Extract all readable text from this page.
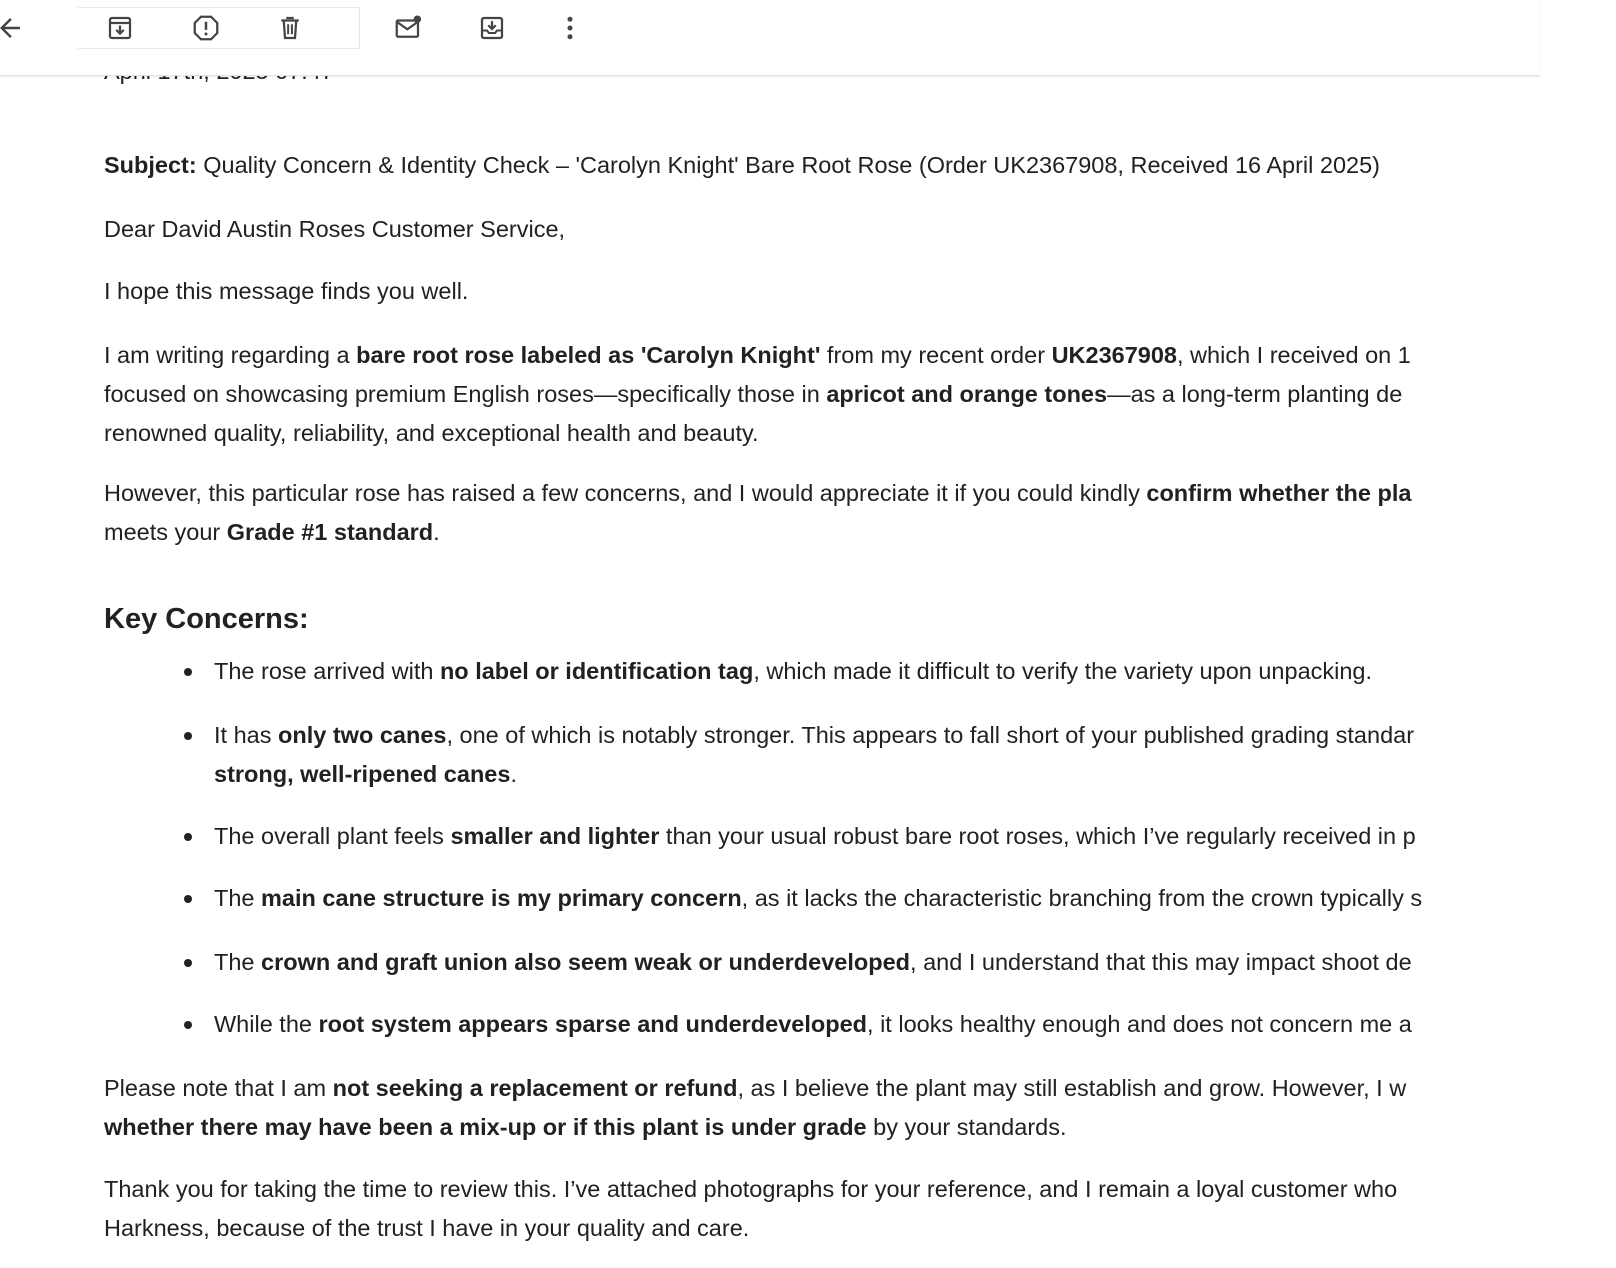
Subject: Quality Concern & Identity Check – 'Carolyn Knight' Bare Root Rose (Order UK2367908, Received 16 April 2025)
Dear David Austin Roses Customer Service,
I hope this message finds you well.
I am writing regarding a bare root rose labeled as 'Carolyn Knight' from my recent order UK2367908, which I received on 1
focused on showcasing premium English roses—specifically those in apricot and orange tones—as a long-term planting de
renowned quality, reliability, and exceptional health and beauty.
However, this particular rose has raised a few concerns, and I would appreciate it if you could kindly confirm whether the pla
meets your Grade #1 standard.
Key Concerns:
The rose arrived with no label or identification tag, which made it difficult to verify the variety upon unpacking.
It has only two canes, one of which is notably stronger. This appears to fall short of your published grading standar
strong, well-ripened canes.
The overall plant feels smaller and lighter than your usual robust bare root roses, which I’ve regularly received in p
The main cane structure is my primary concern, as it lacks the characteristic branching from the crown typically s
The crown and graft union also seem weak or underdeveloped, and I understand that this may impact shoot de
While the root system appears sparse and underdeveloped, it looks healthy enough and does not concern me a
Please note that I am not seeking a replacement or refund, as I believe the plant may still establish and grow. However, I w
whether there may have been a mix-up or if this plant is under grade by your standards.
Thank you for taking the time to review this. I’ve attached photographs for your reference, and I remain a loyal customer who
Harkness, because of the trust I have in your quality and care.
